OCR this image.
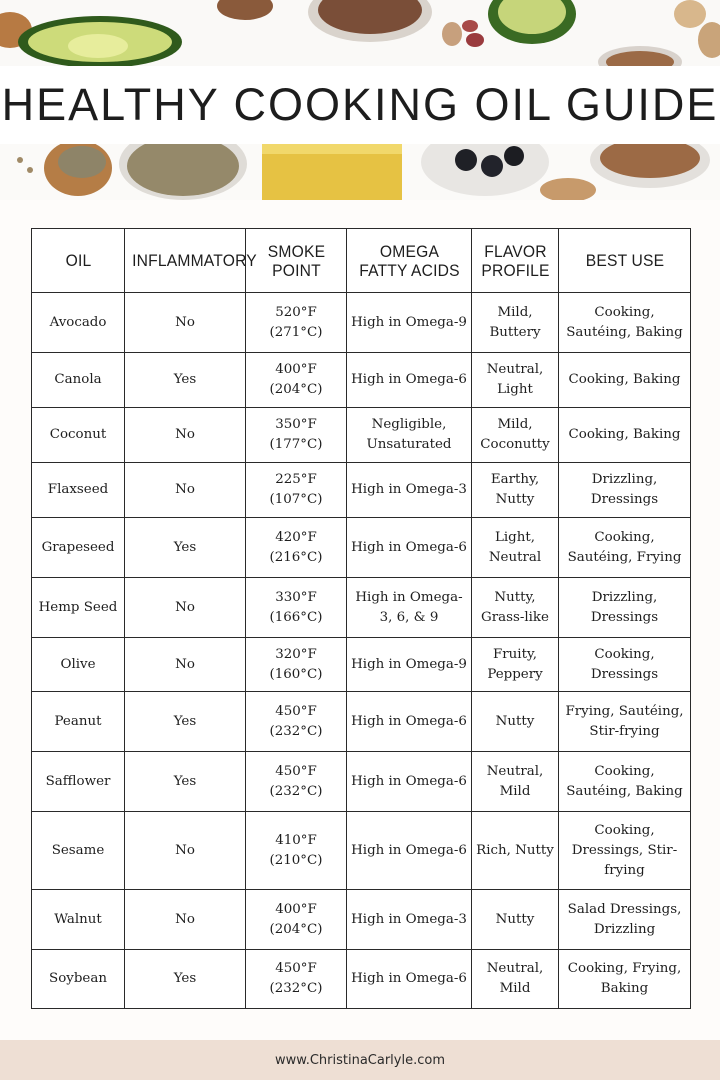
HEALTHY COOKING OIL GUIDE
OIL	INFLAMMATORY	SMOKE POINT	OMEGA FATTY ACIDS	FLAVOR PROFILE	BEST USE
Avocado	No	520°F (271°C)	High in Omega-9	Mild, Buttery	Cooking, Sautéing, Baking
Canola	Yes	400°F (204°C)	High in Omega-6	Neutral, Light	Cooking, Baking
Coconut	No	350°F (177°C)	Negligible, Unsaturated	Mild, Coconutty	Cooking, Baking
Flaxseed	No	225°F (107°C)	High in Omega-3	Earthy, Nutty	Drizzling, Dressings
Grapeseed	Yes	420°F (216°C)	High in Omega-6	Light, Neutral	Cooking, Sautéing, Frying
Hemp Seed	No	330°F (166°C)	High in Omega-3, 6, & 9	Nutty, Grass-like	Drizzling, Dressings
Olive	No	320°F (160°C)	High in Omega-9	Fruity, Peppery	Cooking, Dressings
Peanut	Yes	450°F (232°C)	High in Omega-6	Nutty	Frying, Sautéing, Stir-frying
Safflower	Yes	450°F (232°C)	High in Omega-6	Neutral, Mild	Cooking, Sautéing, Baking
Sesame	No	410°F (210°C)	High in Omega-6	Rich, Nutty	Cooking, Dressings, Stir-frying
Walnut	No	400°F (204°C)	High in Omega-3	Nutty	Salad Dressings, Drizzling
Soybean	Yes	450°F (232°C)	High in Omega-6	Neutral, Mild	Cooking, Frying, Baking
www.ChristinaCarlyle.com
